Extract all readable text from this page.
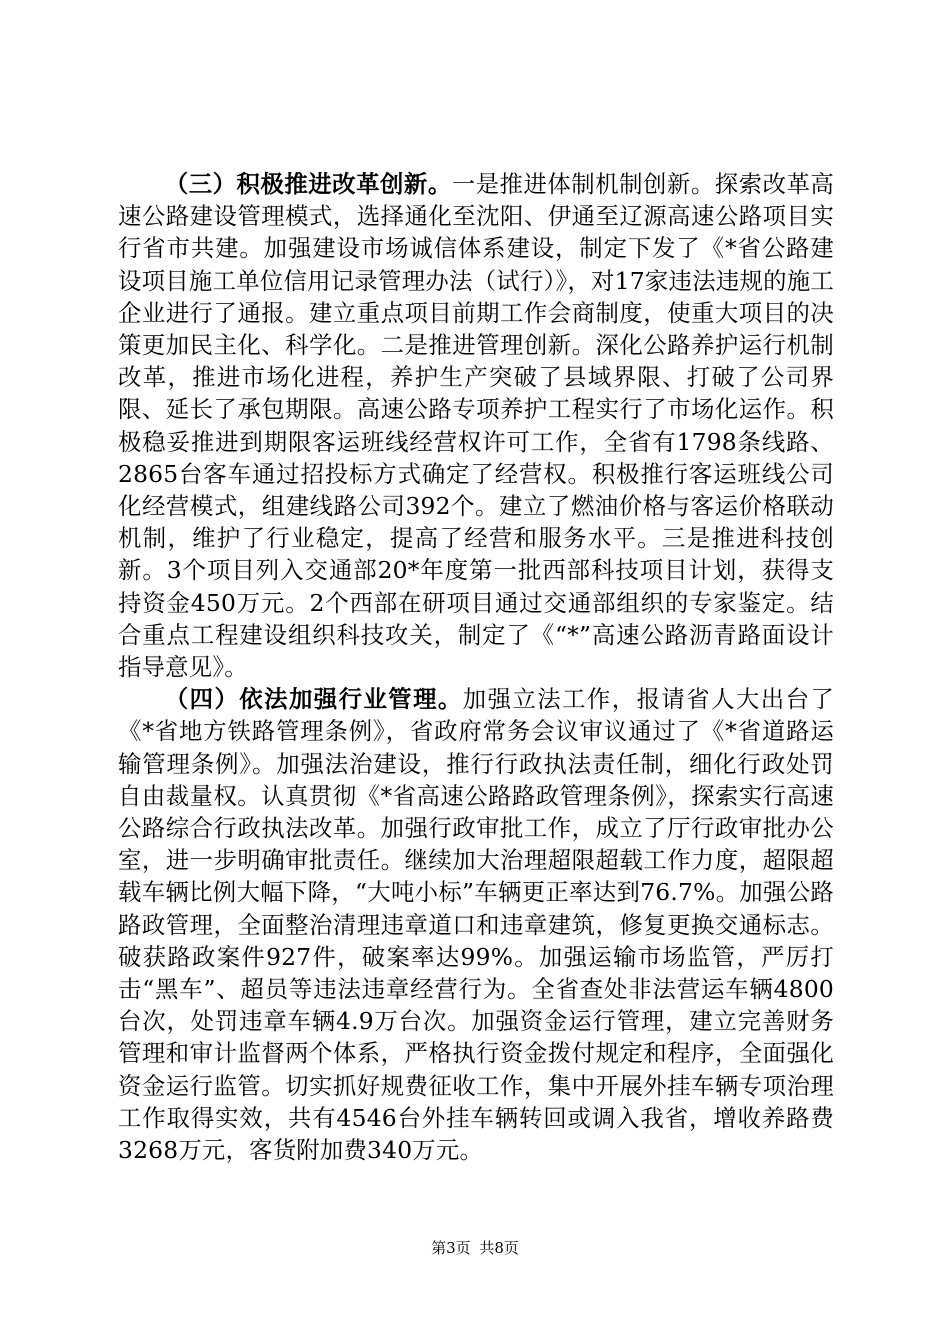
（三）积极推进改革创新。一是推进体制机制创新。探索改革高速公路建设管理模式，选择通化至沈阳、伊通至辽源高速公路项目实行省市共建。加强建设市场诚信体系建设，制定下发了《*省公路建设项目施工单位信用记录管理办法（试行）》，对17家违法违规的施工企业进行了通报。建立重点项目前期工作会商制度，使重大项目的决策更加民主化、科学化。二是推进管理创新。深化公路养护运行机制改革，推进市场化进程，养护生产突破了县域界限、打破了公司界限、延长了承包期限。高速公路专项养护工程实行了市场化运作。积极稳妥推进到期限客运班线经营权许可工作，全省有1798条线路、2865台客车通过招投标方式确定了经营权。积极推行客运班线公司化经营模式，组建线路公司392个。建立了燃油价格与客运价格联动机制，维护了行业稳定，提高了经营和服务水平。三是推进科技创新。3个项目列入交通部20*年度第一批西部科技项目计划，获得支持资金450万元。2个西部在研项目通过交通部组织的专家鉴定。结合重点工程建设组织科技攻关，制定了《“*”高速公路沥青路面设计指导意见》。

（四）依法加强行业管理。加强立法工作，报请省人大出台了《*省地方铁路管理条例》，省政府常务会议审议通过了《*省道路运输管理条例》。加强法治建设，推行行政执法责任制，细化行政处罚自由裁量权。认真贯彻《*省高速公路路政管理条例》，探索实行高速公路综合行政执法改革。加强行政审批工作，成立了厅行政审批办公室，进一步明确审批责任。继续加大治理超限超载工作力度，超限超载车辆比例大幅下降，“大吨小标”车辆更正率达到76.7%。加强公路路政管理，全面整治清理违章道口和违章建筑，修复更换交通标志。破获路政案件927件，破案率达99%。加强运输市场监管，严厉打击“黑车”、超员等违法违章经营行为。全省查处非法营运车辆4800台次，处罚违章车辆4.9万台次。加强资金运行管理，建立完善财务管理和审计监督两个体系，严格执行资金拨付规定和程序，全面强化资金运行监管。切实抓好规费征收工作，集中开展外挂车辆专项治理工作取得实效，共有4546台外挂车辆转回或调入我省，增收养路费3268万元，客货附加费340万元。

第3页 共8页
